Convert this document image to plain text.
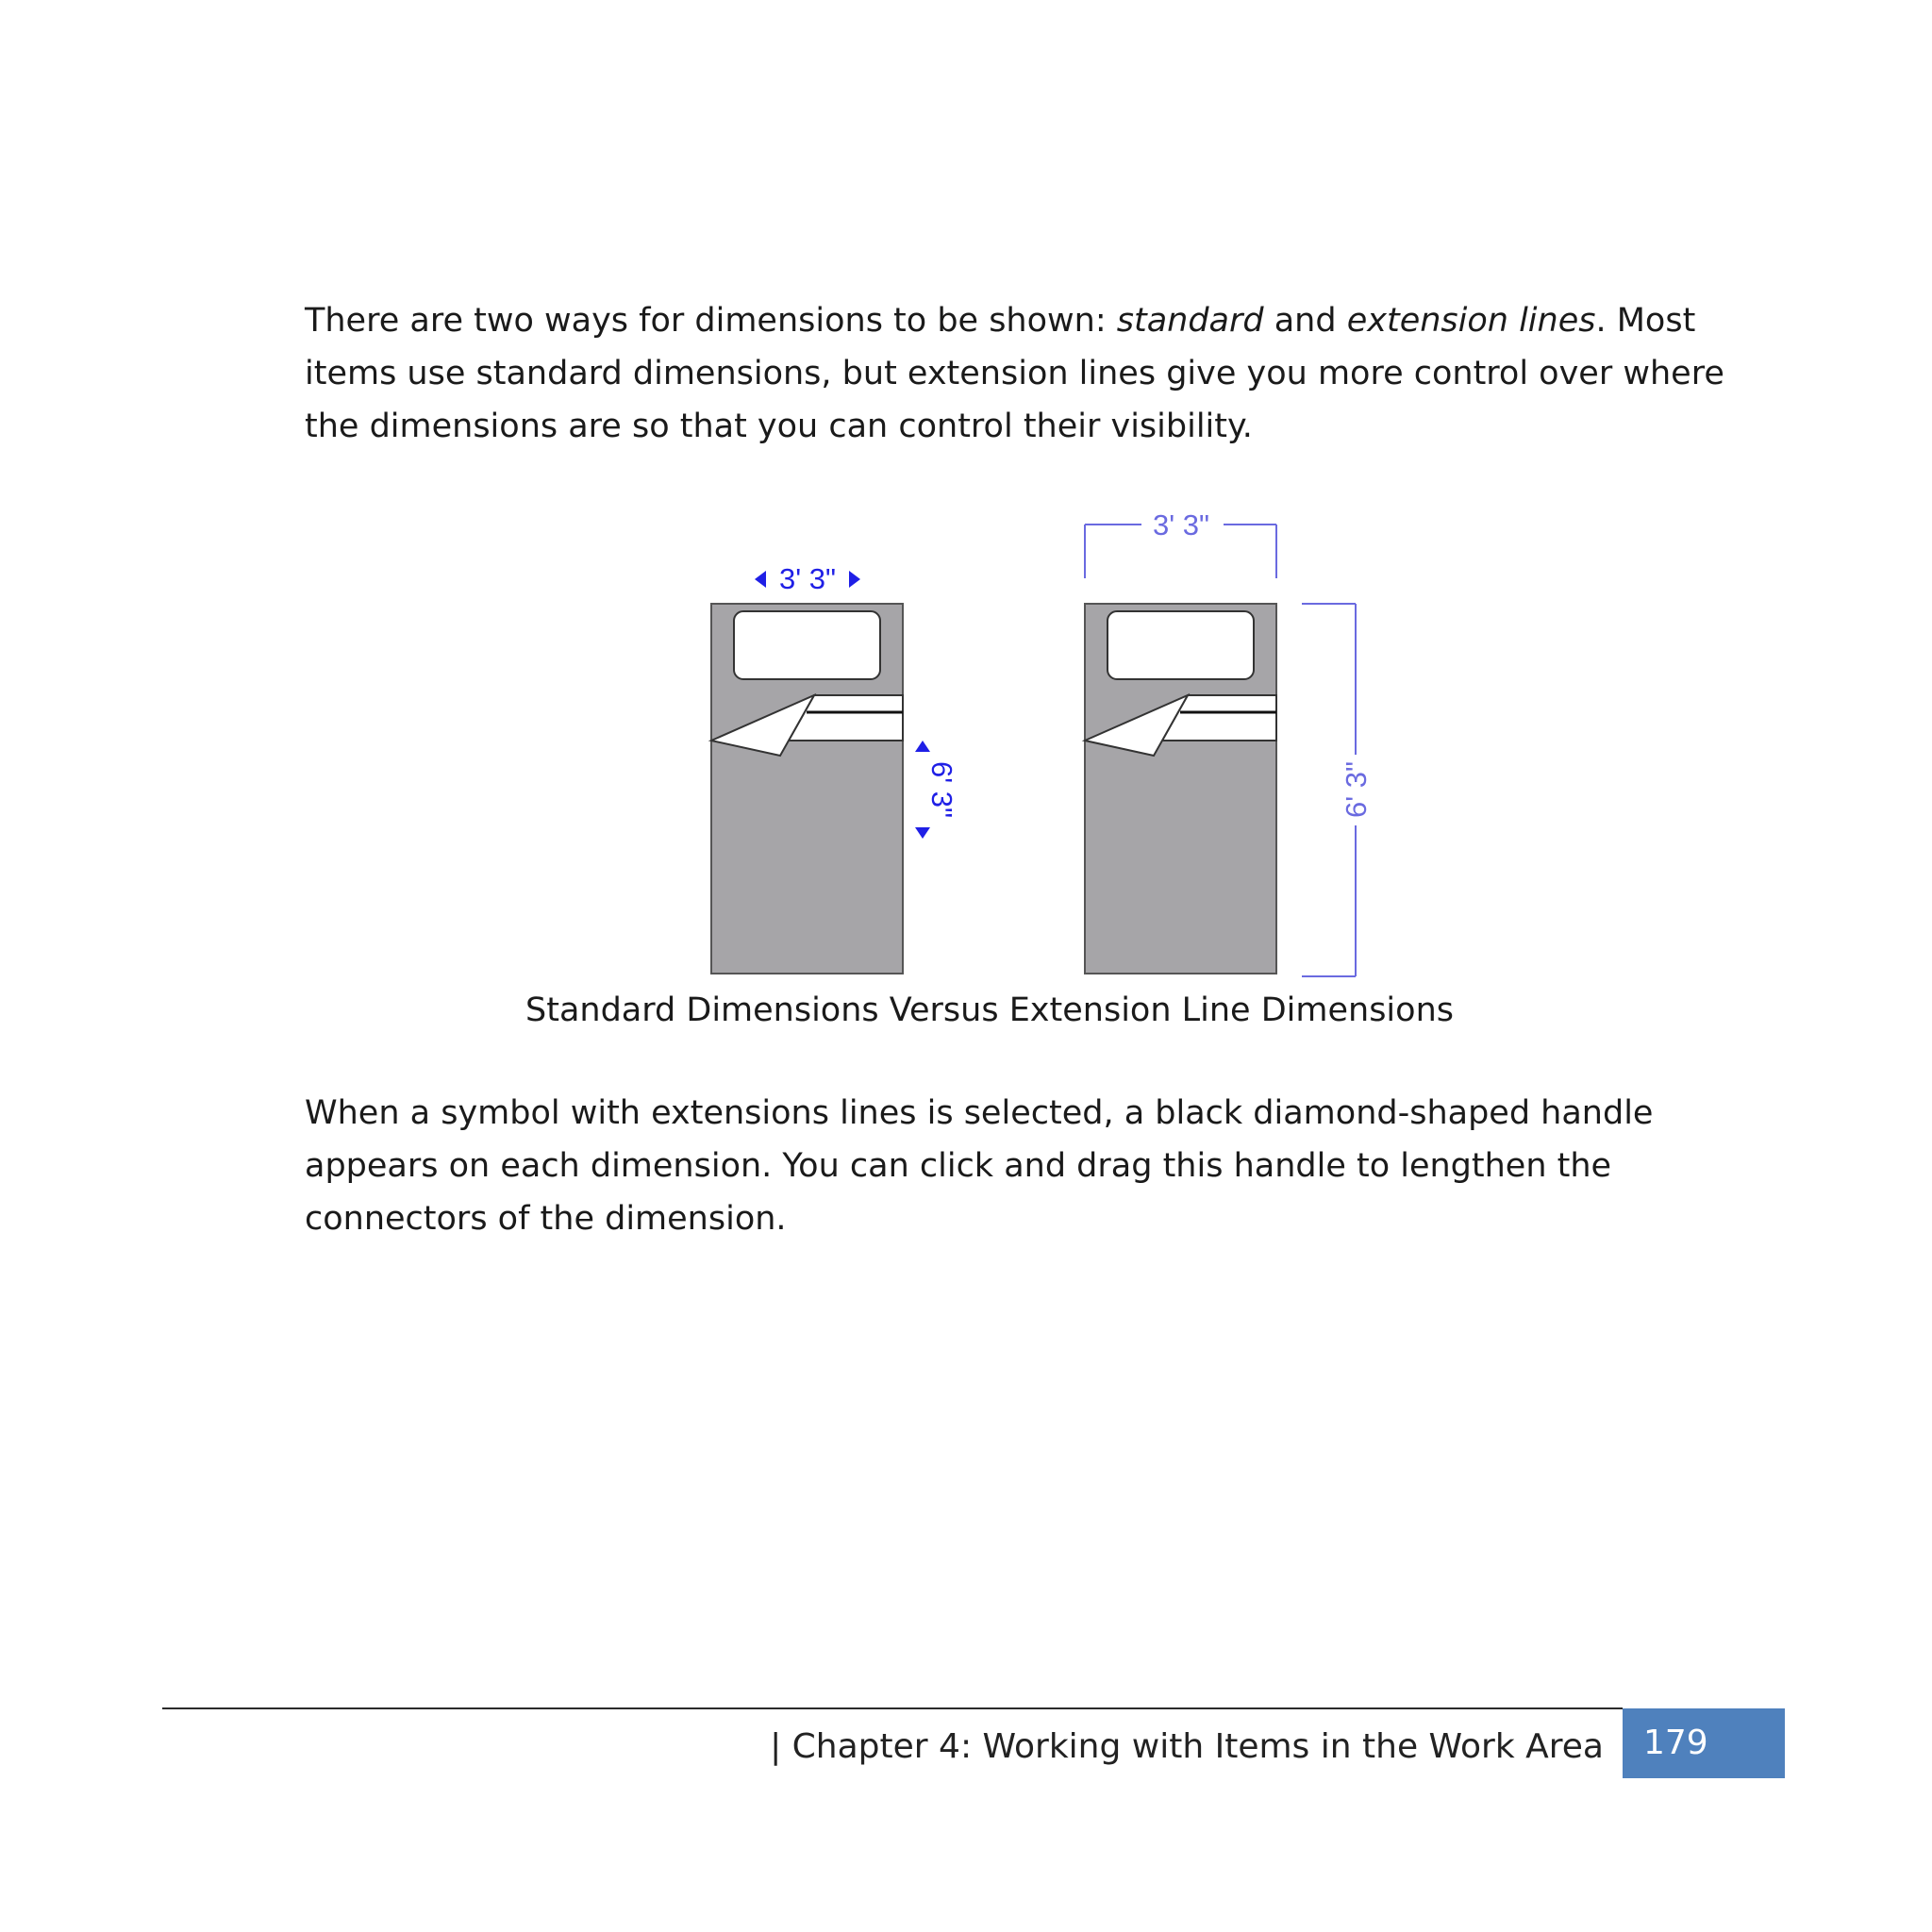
There are two ways for dimensions to be shown: standard and extension lines. Most items use standard dimensions, but extension lines give you more control over where the dimensions are so that you can control their visibility.

3' 3"
6' 3"
3' 3"
6' 3"
Standard Dimensions Versus Extension Line Dimensions

When a symbol with extensions lines is selected, a black diamond-shaped handle appears on each dimension. You can click and drag this handle to lengthen the connectors of the dimension.

| Chapter 4: Working with Items in the Work Area 179
